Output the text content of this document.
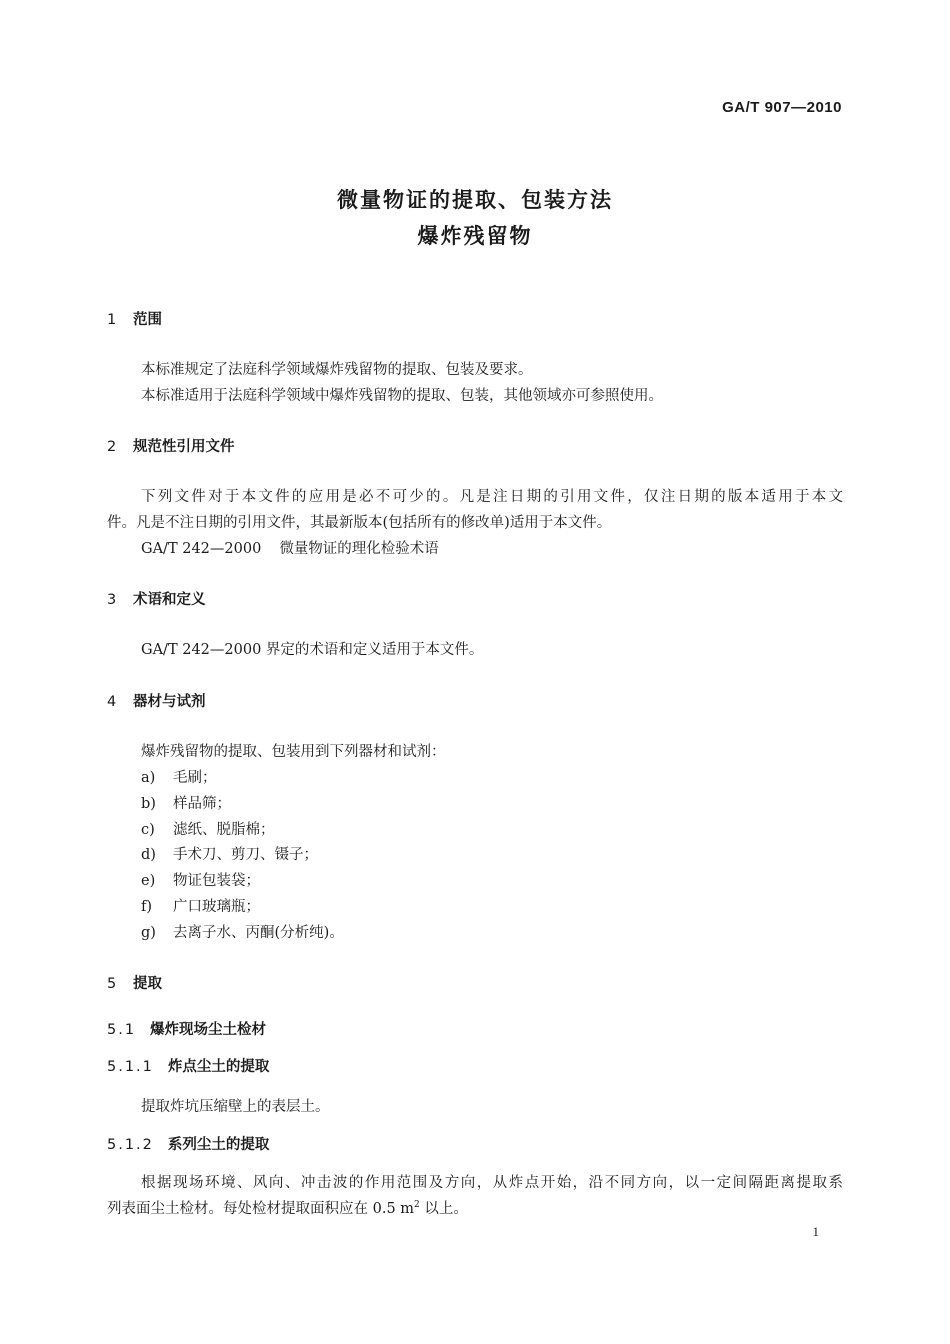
GA/T 907—2010
微量物证的提取、包装方法
爆炸残留物
1 范围
本标准规定了法庭科学领域爆炸残留物的提取、包装及要求。
本标准适用于法庭科学领域中爆炸残留物的提取、包装，其他领域亦可参照使用。
2 规范性引用文件
下列文件对于本文件的应用是必不可少的。凡是注日期的引用文件，仅注日期的版本适用于本文
件。凡是不注日期的引用文件，其最新版本(包括所有的修改单)适用于本文件。
GA/T 242—2000 微量物证的理化检验术语
3 术语和定义
GA/T 242—2000 界定的术语和定义适用于本文件。
4 器材与试剂
爆炸残留物的提取、包装用到下列器材和试剂：
a) 毛刷；
b) 样品筛；
c) 滤纸、脱脂棉；
d) 手术刀、剪刀、镊子；
e) 物证包装袋；
f) 广口玻璃瓶；
g) 去离子水、丙酮(分析纯)。
5 提取
5.1 爆炸现场尘土检材
5.1.1 炸点尘土的提取
提取炸坑压缩壁上的表层土。
5.1.2 系列尘土的提取
根据现场环境、风向、冲击波的作用范围及方向，从炸点开始，沿不同方向，以一定间隔距离提取系
列表面尘土检材。每处检材提取面积应在 0.5 $m^2$ 以上。
1
